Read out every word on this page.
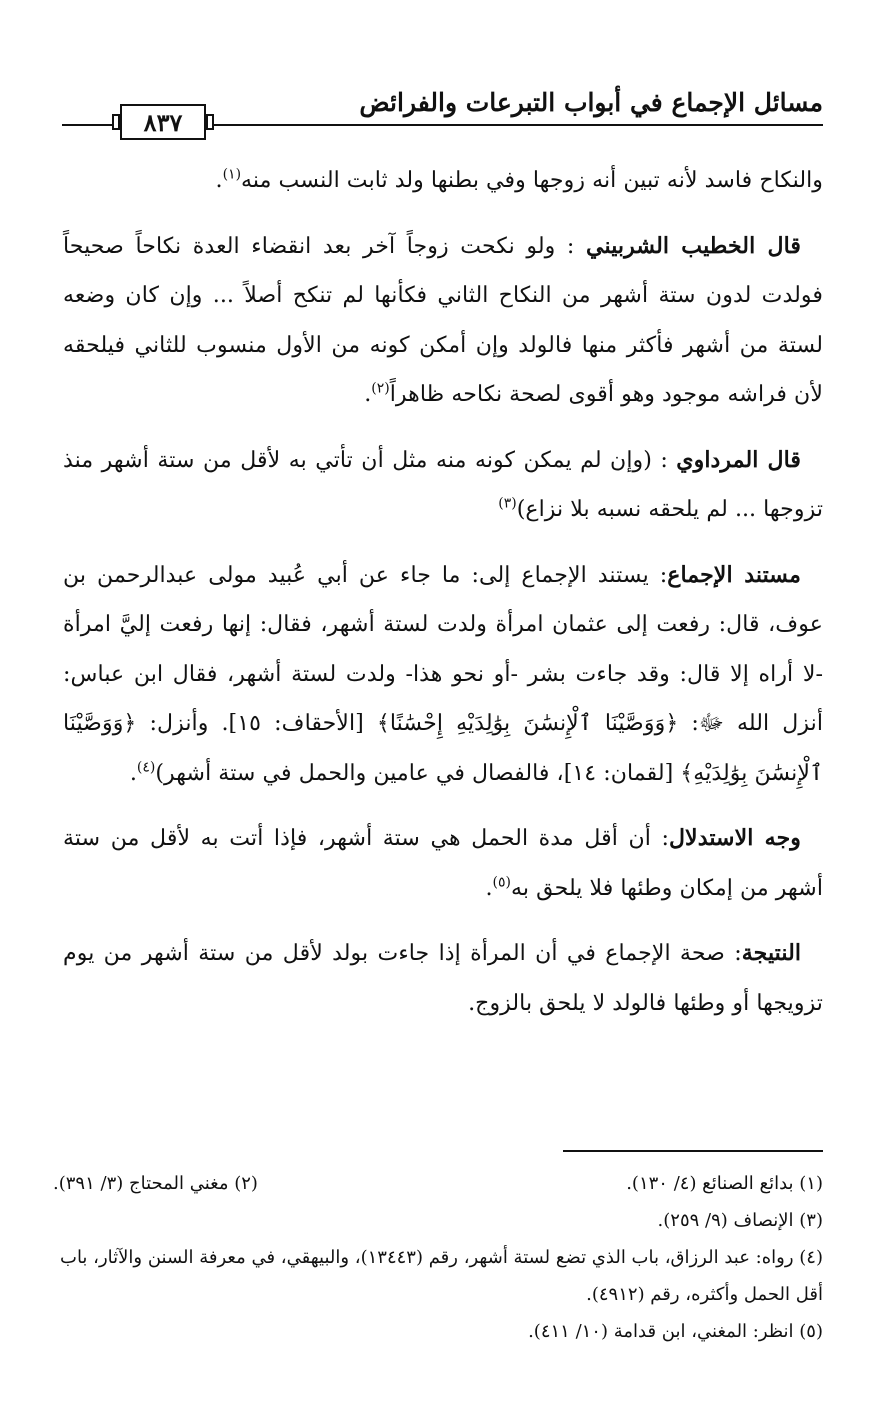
مسائل الإجماع في أبواب التبرعات والفرائض
٨٣٧

والنكاح فاسد لأنه تبين أنه زوجها وفي بطنها ولد ثابت النسب منه$^{(١)}$.

قال الخطيب الشربيني : ولو نكحت زوجاً آخر بعد انقضاء العدة نكاحاً صحيحاً فولدت لدون ستة أشهر من النكاح الثاني فكأنها لم تنكح أصلاً ... وإن كان وضعه لستة من أشهر فأكثر منها فالولد وإن أمكن كونه من الأول منسوب للثاني فيلحقه لأن فراشه موجود وهو أقوى لصحة نكاحه ظاهراً$^{(٢)}$.

قال المرداوي : (وإن لم يمكن كونه منه مثل أن تأتي به لأقل من ستة أشهر منذ تزوجها ... لم يلحقه نسبه بلا نزاع)$^{(٣)}$

مستند الإجماع: يستند الإجماع إلى: ما جاء عن أبي عُبيد مولى عبدالرحمن بن عوف، قال: رفعت إلى عثمان امرأة ولدت لستة أشهر، فقال: إنها رفعت إليَّ امرأة -لا أراه إلا قال: وقد جاءت بشر -أو نحو هذا- ولدت لستة أشهر، فقال ابن عباس: أنزل الله ﷻ: ﴿وَوَصَّيْنَا ٱلْإِنسَٰنَ بِوَٰلِدَيْهِ إِحْسَٰنًا﴾ [الأحقاف: ١٥]. وأنزل: ﴿وَوَصَّيْنَا ٱلْإِنسَٰنَ بِوَٰلِدَيْهِ﴾ [لقمان: ١٤]، فالفصال في عامين والحمل في ستة أشهر)$^{(٤)}$.

وجه الاستدلال: أن أقل مدة الحمل هي ستة أشهر، فإذا أتت به لأقل من ستة أشهر من إمكان وطئها فلا يلحق به$^{(٥)}$.

النتيجة: صحة الإجماع في أن المرأة إذا جاءت بولد لأقل من ستة أشهر من يوم تزويجها أو وطئها فالولد لا يلحق بالزوج.

(١) بدائع الصنائع (٤/ ١٣٠).

(٢) مغني المحتاج (٣/ ٣٩١).

(٣) الإنصاف (٩/ ٢٥٩).

(٤) رواه: عبد الرزاق، باب الذي تضع لستة أشهر، رقم (١٣٤٤٣)، والبيهقي، في معرفة السنن والآثار، باب أقل الحمل وأكثره، رقم (٤٩١٢).

(٥) انظر: المغني، ابن قدامة (١٠/ ٤١١).
